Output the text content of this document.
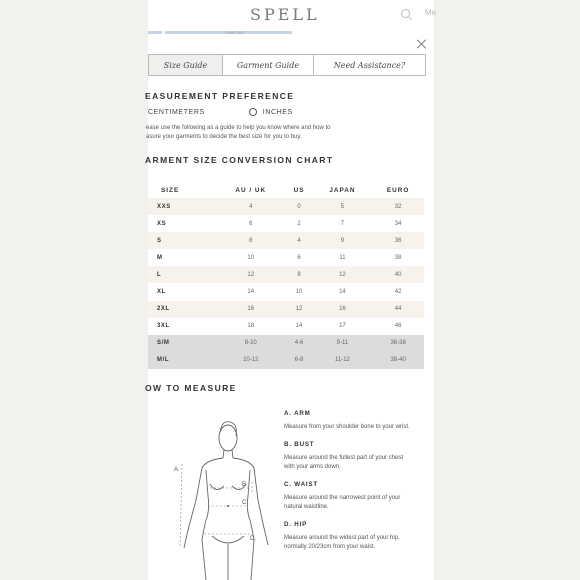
SPELL	Me
CART (0)
Size Guide	Garment Guide	Need Assistance?
EASUREMENT PREFERENCE
CENTIMETERS	INCHES
ease use the following as a guide to help you know where and how to
asure your garments to decide the best size for you to buy.
ARMENT SIZE CONVERSION CHART
SIZE	AU / UK	US	JAPAN	EURO
XXS	4	0	5	32
XS	6	2	7	34
S	8	4	9	36
M	10	6	11	38
L	12	8	12	40
XL	14	10	14	42
2XL	16	12	16	44
3XL	18	14	17	46
S/M	8-10	4-6	9-11	36-38
M/L	10-12	6-8	11-12	38-40
OW TO MEASURE
A.
B.
C.
D.
A. ARM
Measure from your shoulder bone to your wrist.
B. BUST
Measure around the fullest part of your chest with your arms down.
C. WAIST
Measure around the narrowest point of your natural waistline.
D. HIP
Measure around the widest part of your hip, normally 20/23cm from your waist.
